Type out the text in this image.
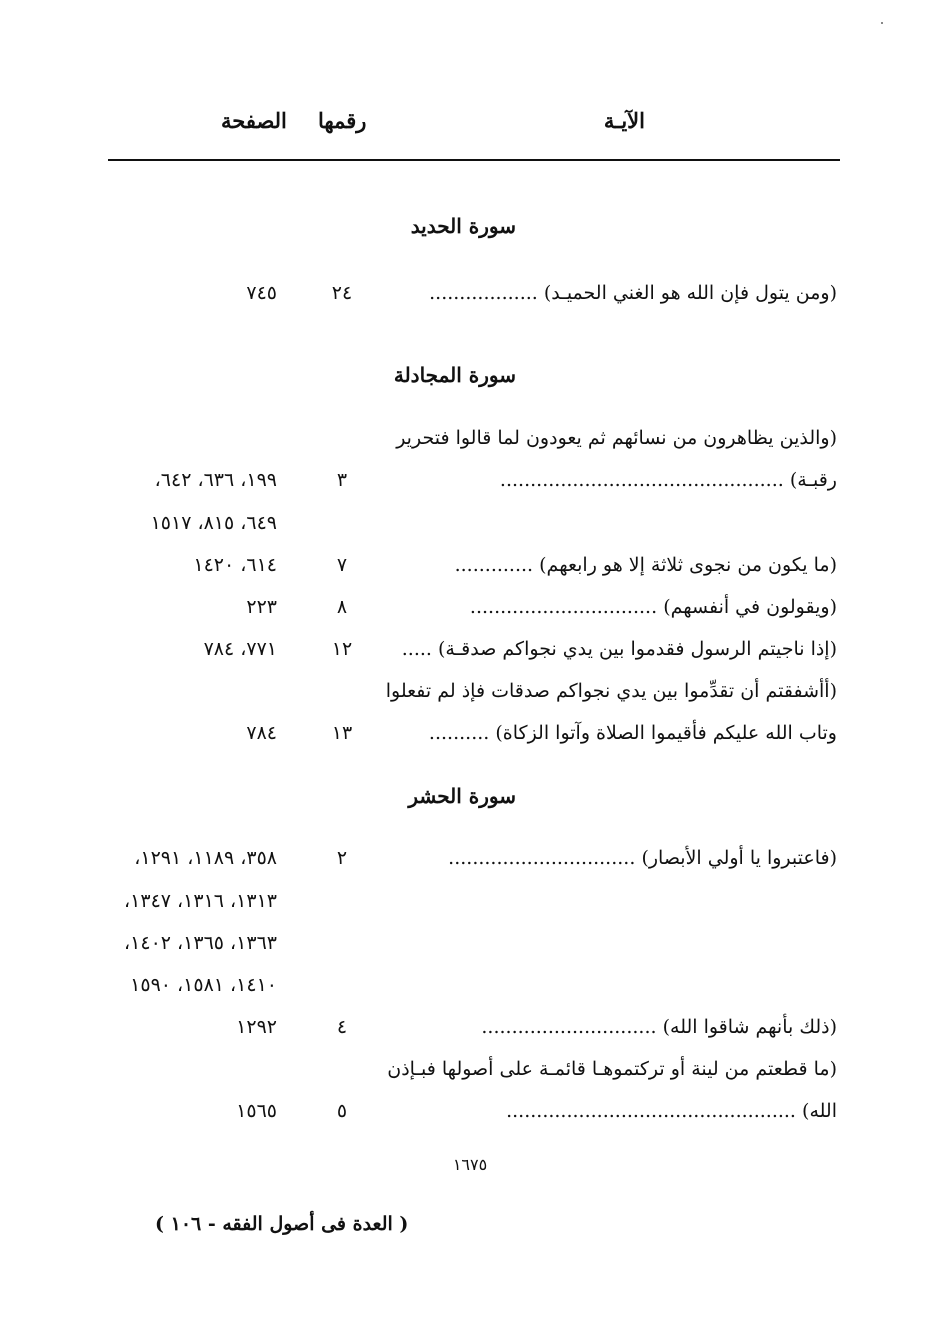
الآيـة
رقمها
الصفحة
سورة الحديد
(ومن يتول فإن الله هو الغني الحميـد) ..................
٢٤
٧٤٥
سورة المجادلة
(والذين يظاهرون من نسائهم ثم يعودون لما قالوا فتحرير
رقبـة) ...............................................
٣
١٩٩، ٦٣٦، ٦٤٢،
٦٤٩، ٨١٥، ١٥١٧
(ما يكون من نجوى ثلاثة إلا هو رابعهم) .............
٧
٦١٤، ١٤٢٠
(ويقولون في أنفسهم) ...............................
٨
٢٢٣
(إذا ناجيتم الرسول فقدموا بين يدي نجواكم صدقـة) .....
١٢
٧٧١، ٧٨٤
(أأشفقتم أن تقدِّموا بين يدي نجواكم صدقات فإذ لم تفعلوا
وتاب الله عليكم فأقيموا الصلاة وآتوا الزكاة) ..........
١٣
٧٨٤
سورة الحشر
(فاعتبروا يا أولي الأبصار) ...............................
٢
٣٥٨، ١١٨٩، ١٢٩١،
١٣١٣، ١٣١٦، ١٣٤٧،
١٣٦٣، ١٣٦٥، ١٤٠٢،
١٤١٠، ١٥٨١، ١٥٩٠
(ذلك بأنهم شاقوا الله) .............................
٤
١٢٩٢
(ما قطعتم من لينة أو تركتموهـا قائمـة على أصولها فبـإذن
الله) ................................................
٥
١٥٦٥
١٦٧٥
( العدة فى أصول الفقه - ١٠٦ )
